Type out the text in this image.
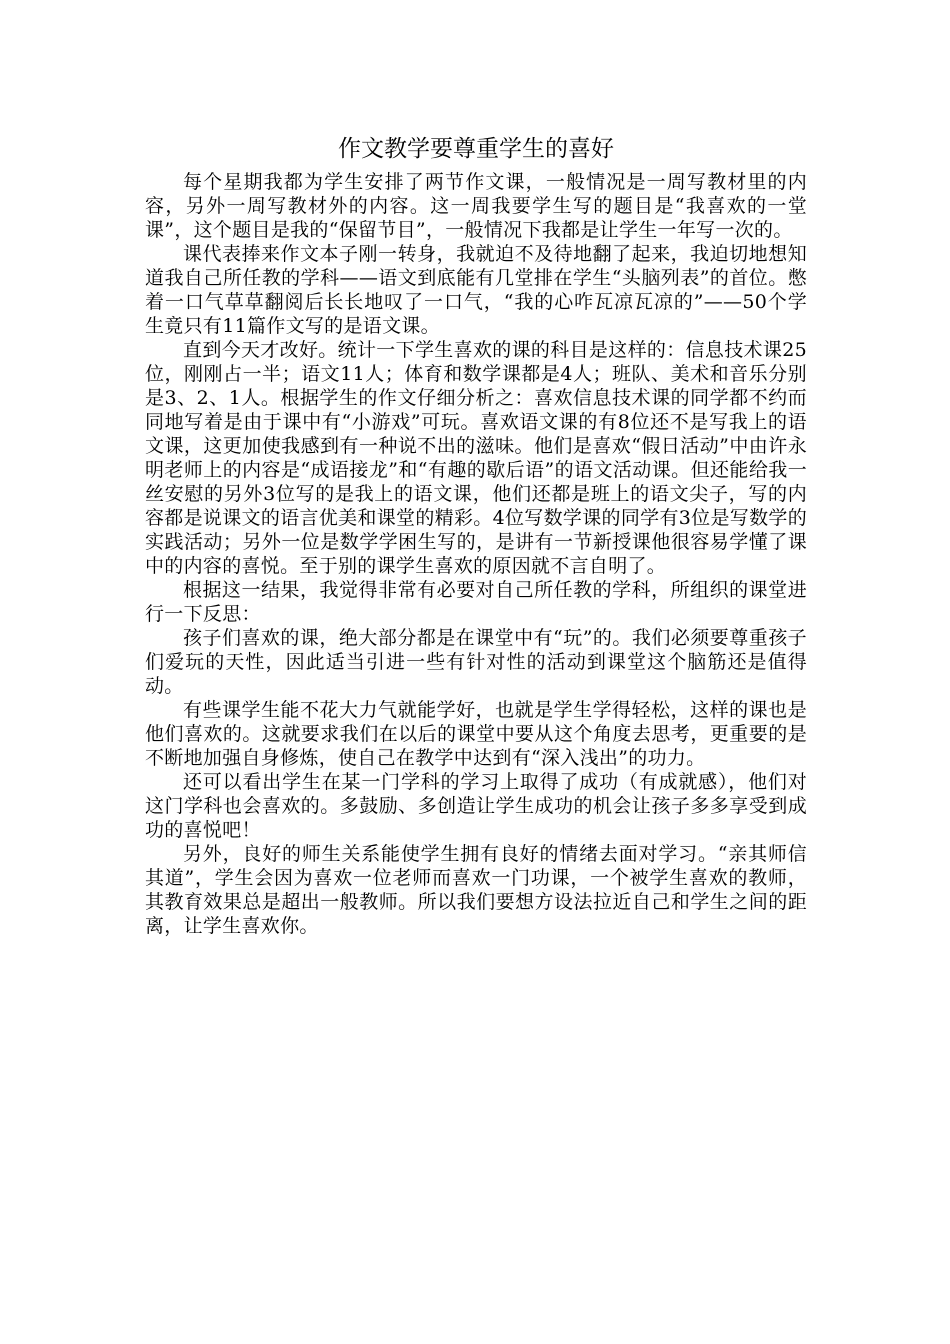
作文教学要尊重学生的喜好

每个星期我都为学生安排了两节作文课，一般情况是一周写教材里的内容，另外一周写教材外的内容。这一周我要学生写的题目是“我喜欢的一堂课”，这个题目是我的“保留节目”，一般情况下我都是让学生一年写一次的。

课代表捧来作文本子刚一转身，我就迫不及待地翻了起来，我迫切地想知道我自己所任教的学科——语文到底能有几堂排在学生“头脑列表”的首位。憋着一口气草草翻阅后长长地叹了一口气，“我的心咋瓦凉瓦凉的”——50个学生竟只有11篇作文写的是语文课。

直到今天才改好。统计一下学生喜欢的课的科目是这样的：信息技术课25位，刚刚占一半；语文11人；体育和数学课都是4人；班队、美术和音乐分别是3、2、1人。根据学生的作文仔细分析之：喜欢信息技术课的同学都不约而同地写着是由于课中有“小游戏”可玩。喜欢语文课的有8位还不是写我上的语文课，这更加使我感到有一种说不出的滋味。他们是喜欢“假日活动”中由许永明老师上的内容是“成语接龙”和“有趣的歇后语”的语文活动课。但还能给我一丝安慰的另外3位写的是我上的语文课，他们还都是班上的语文尖子，写的内容都是说课文的语言优美和课堂的精彩。4位写数学课的同学有3位是写数学的实践活动；另外一位是数学学困生写的，是讲有一节新授课他很容易学懂了课中的内容的喜悦。至于别的课学生喜欢的原因就不言自明了。

根据这一结果，我觉得非常有必要对自己所任教的学科，所组织的课堂进行一下反思：

孩子们喜欢的课，绝大部分都是在课堂中有“玩”的。我们必须要尊重孩子们爱玩的天性，因此适当引进一些有针对性的活动到课堂这个脑筋还是值得动。

有些课学生能不花大力气就能学好，也就是学生学得轻松，这样的课也是他们喜欢的。这就要求我们在以后的课堂中要从这个角度去思考，更重要的是不断地加强自身修炼，使自己在教学中达到有“深入浅出”的功力。

还可以看出学生在某一门学科的学习上取得了成功（有成就感），他们对这门学科也会喜欢的。多鼓励、多创造让学生成功的机会让孩子多多享受到成功的喜悦吧！

另外，良好的师生关系能使学生拥有良好的情绪去面对学习。“亲其师信其道”，学生会因为喜欢一位老师而喜欢一门功课，一个被学生喜欢的教师，其教育效果总是超出一般教师。所以我们要想方设法拉近自己和学生之间的距离，让学生喜欢你。
